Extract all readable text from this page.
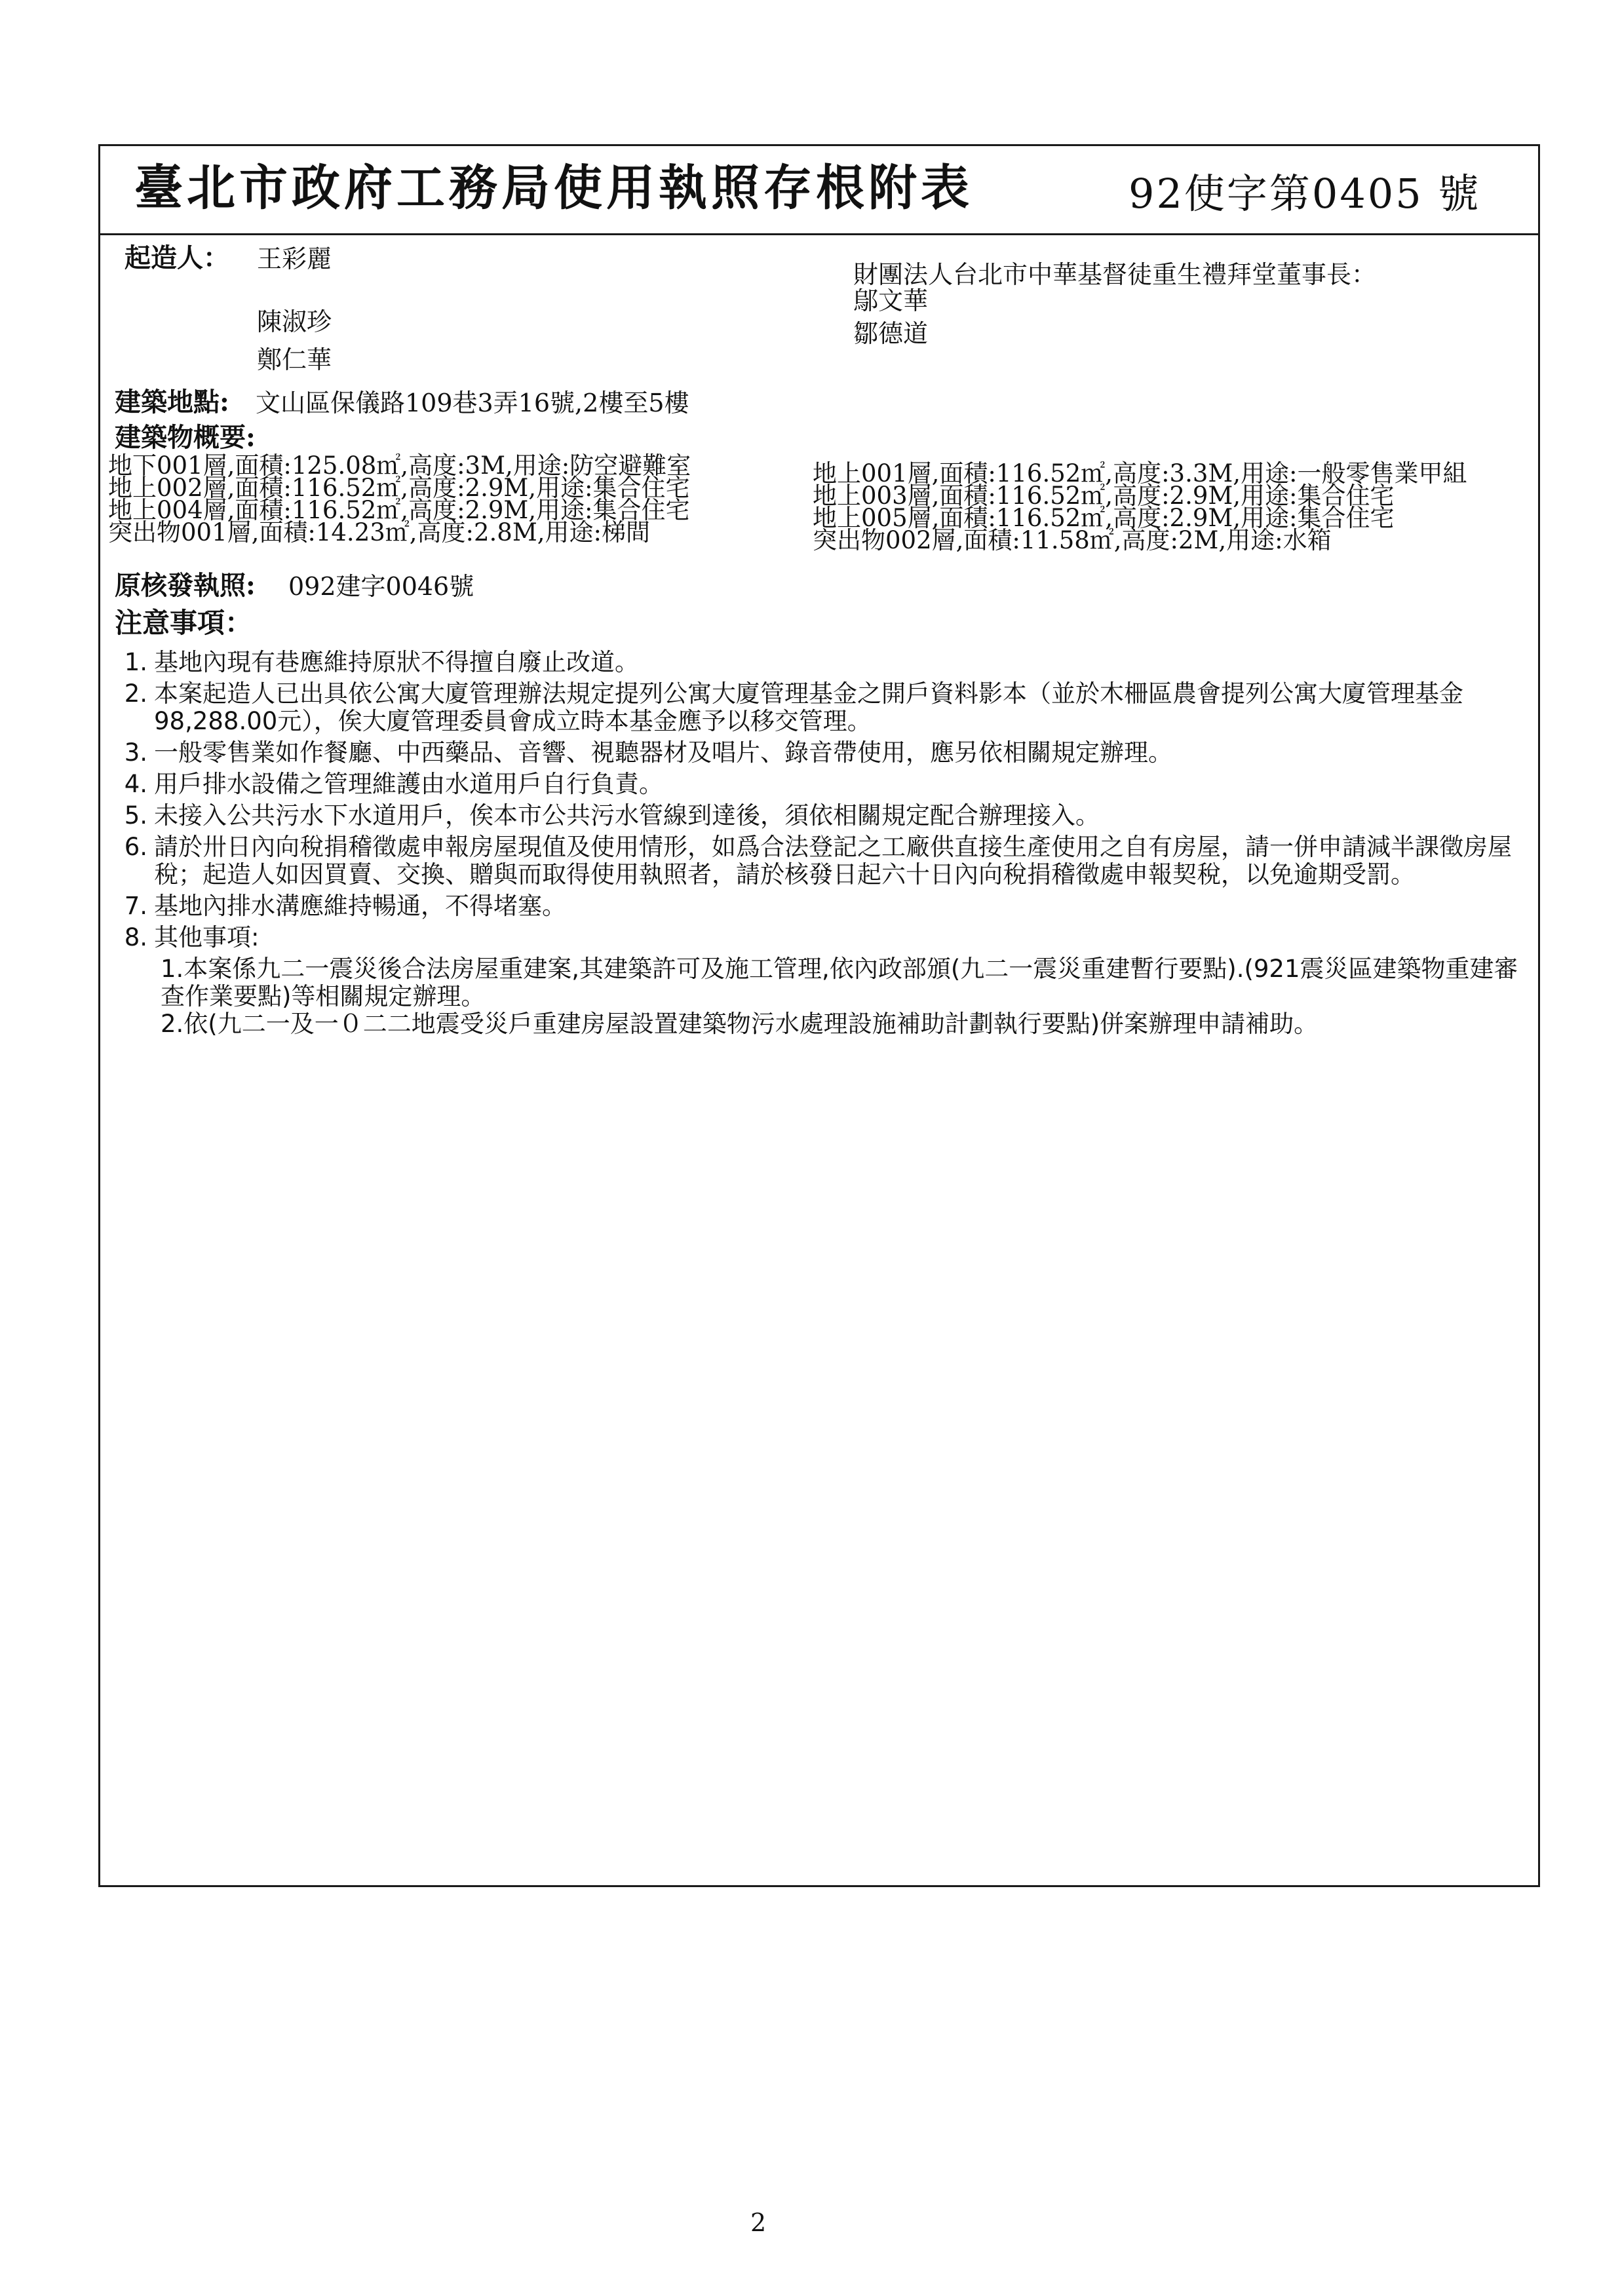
臺北市政府工務局使用執照存根附表	92使字第0405 號
起造人： 王彩麗
陳淑珍
鄭仁華
財團法人台北市中華基督徒重生禮拜堂董事長：
鄔文華
鄒德道
建築地點: 文山區保儀路109巷3弄16號,2樓至5樓
建築物概要:
地下001層,面積:125.08㎡,高度:3M,用途:防空避難室
地上002層,面積:116.52㎡,高度:2.9M,用途:集合住宅
地上004層,面積:116.52㎡,高度:2.9M,用途:集合住宅
突出物001層,面積:14.23㎡,高度:2.8M,用途:梯間
地上001層,面積:116.52㎡,高度:3.3M,用途:一般零售業甲組
地上003層,面積:116.52㎡,高度:2.9M,用途:集合住宅
地上005層,面積:116.52㎡,高度:2.9M,用途:集合住宅
突出物002層,面積:11.58㎡,高度:2M,用途:水箱
原核發執照: 092建字0046號
注意事項：
1. 基地內現有巷應維持原狀不得擅自廢止改道。
2. 本案起造人已出具依公寓大廈管理辦法規定提列公寓大廈管理基金之開戶資料影本（並於木柵區農會提列公寓大廈管理基金98,288.00元），俟大廈管理委員會成立時本基金應予以移交管理。
3. 一般零售業如作餐廳、中西藥品、音響、視聽器材及唱片、錄音帶使用，應另依相關規定辦理。
4. 用戶排水設備之管理維護由水道用戶自行負責。
5. 未接入公共污水下水道用戶，俟本市公共污水管線到達後，須依相關規定配合辦理接入。
6. 請於卅日內向稅捐稽徵處申報房屋現值及使用情形，如爲合法登記之工廠供直接生產使用之自有房屋，請一併申請減半課徵房屋稅；起造人如因買賣、交換、贈與而取得使用執照者，請於核發日起六十日內向稅捐稽徵處申報契稅，以免逾期受罰。
7. 基地內排水溝應維持暢通，不得堵塞。
8. 其他事項:
1.本案係九二一震災後合法房屋重建案,其建築許可及施工管理,依內政部頒(九二一震災重建暫行要點).(921震災區建築物重建審查作業要點)等相關規定辦理。
2.依(九二一及一０二二地震受災戶重建房屋設置建築物污水處理設施補助計劃執行要點)併案辦理申請補助。
2
